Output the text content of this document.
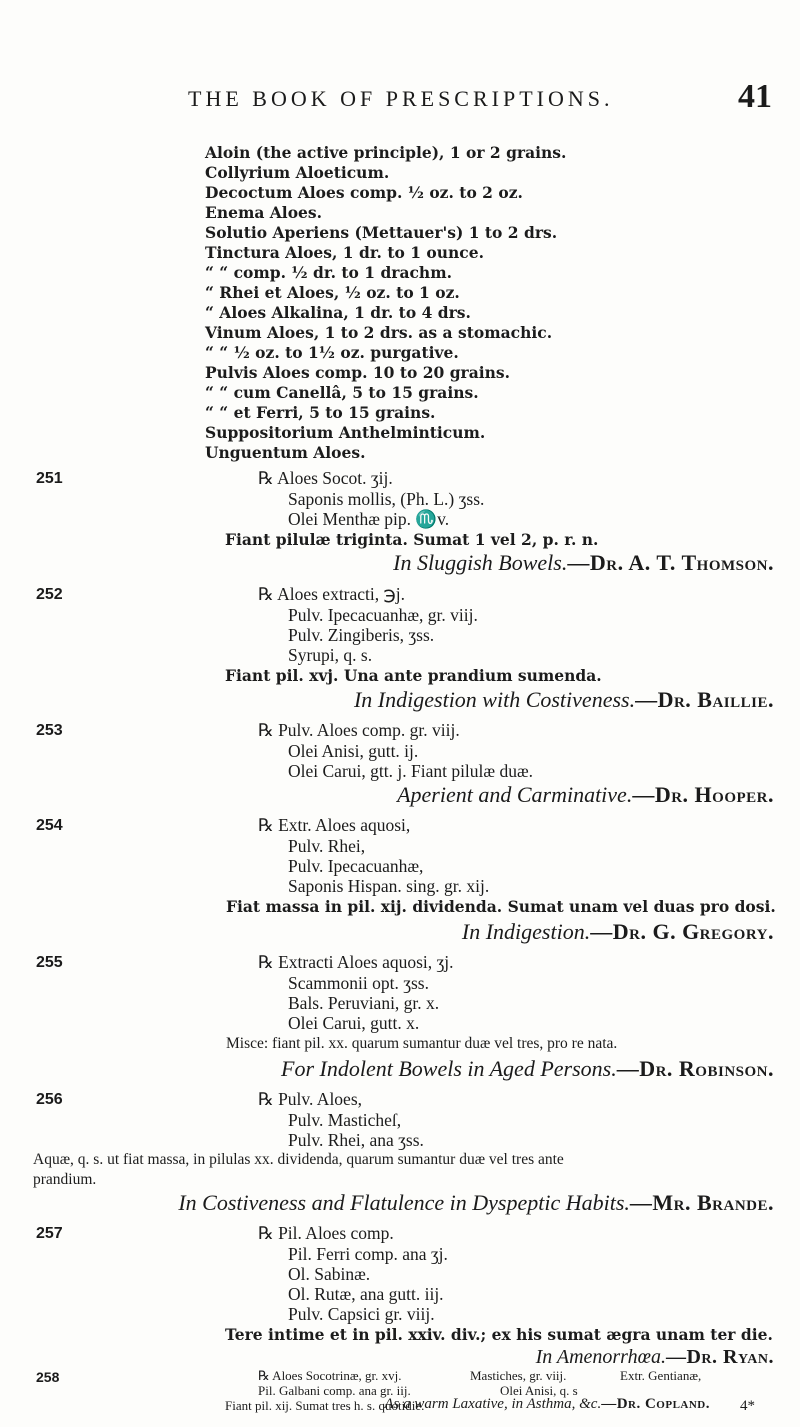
THE BOOK OF PRESCRIPTIONS.	41
Aloin (the active principle), 1 or 2 grains.
Collyrium Aloeticum.
Decoctum Aloes comp. ½ oz. to 2 oz.
Enema Aloes.
Solutio Aperiens (Mettauer's) 1 to 2 drs.
Tinctura Aloes, 1 dr. to 1 ounce.
“ “ comp. ½ dr. to 1 drachm.
“ Rhei et Aloes, ½ oz. to 1 oz.
“ Aloes Alkalina, 1 dr. to 4 drs.
Vinum Aloes, 1 to 2 drs. as a stomachic.
“ “ ½ oz. to 1½ oz. purgative.
Pulvis Aloes comp. 10 to 20 grains.
“ “ cum Canellâ, 5 to 15 grains.
“ “ et Ferri, 5 to 15 grains.
Suppositorium Anthelminticum.
Unguentum Aloes.
251	℞ Aloes Socot. ʒij.
Saponis mollis, (Ph. L.) ʒss.
Olei Menthæ pip. ♏v.
Fiant pilulæ triginta. Sumat 1 vel 2, p. r. n.
In Sluggish Bowels.—Dr. A. T. Thomson.
252	℞ Aloes extracti, ℈j.
Pulv. Ipecacuanhæ, gr. viij.
Pulv. Zingiberis, ʒss.
Syrupi, q. s.
Fiant pil. xvj. Una ante prandium sumenda.
In Indigestion with Costiveness.—Dr. Baillie.
253	℞ Pulv. Aloes comp. gr. viij.
Olei Anisi, gutt. ij.
Olei Carui, gtt. j. Fiant pilulæ duæ.
Aperient and Carminative.—Dr. Hooper.
254	℞ Extr. Aloes aquosi,
Pulv. Rhei,
Pulv. Ipecacuanhæ,
Saponis Hispan. sing. gr. xij.
Fiat massa in pil. xij. dividenda. Sumat unam vel duas pro dosi.
In Indigestion.—Dr. G. Gregory.
255	℞ Extracti Aloes aquosi, ʒj.
Scammonii opt. ʒss.
Bals. Peruviani, gr. x.
Olei Carui, gutt. x.
Misce: fiant pil. xx. quarum sumantur duæ vel tres, pro re nata.
For Indolent Bowels in Aged Persons.—Dr. Robinson.
256	℞ Pulv. Aloes,
Pulv. Masticheſ,
Pulv. Rhei, ana ʒss.
Aquæ, q. s. ut fiat massa, in pilulas xx. dividenda, quarum sumantur duæ vel tres ante
prandium.
In Costiveness and Flatulence in Dyspeptic Habits.—Mr. Brande.
257	℞ Pil. Aloes comp.
Pil. Ferri comp. ana ʒj.
Ol. Sabinæ.
Ol. Rutæ, ana gutt. iij.
Pulv. Capsici gr. viij.
Tere intime et in pil. xxiv. div.; ex his sumat ægra unam ter die.
In Amenorrhœa.—Dr. Ryan.
258	℞ Aloes Socotrinæ, gr. xvj.	Mastiches, gr. viij.	Extr. Gentianæ,
Pil. Galbani comp. ana gr. iij.	Olei Anisi, q. s
Fiant pil. xij. Sumat tres h. s. quotidie.
As a warm Laxative, in Asthma, &c.—Dr. Copland. 4*
